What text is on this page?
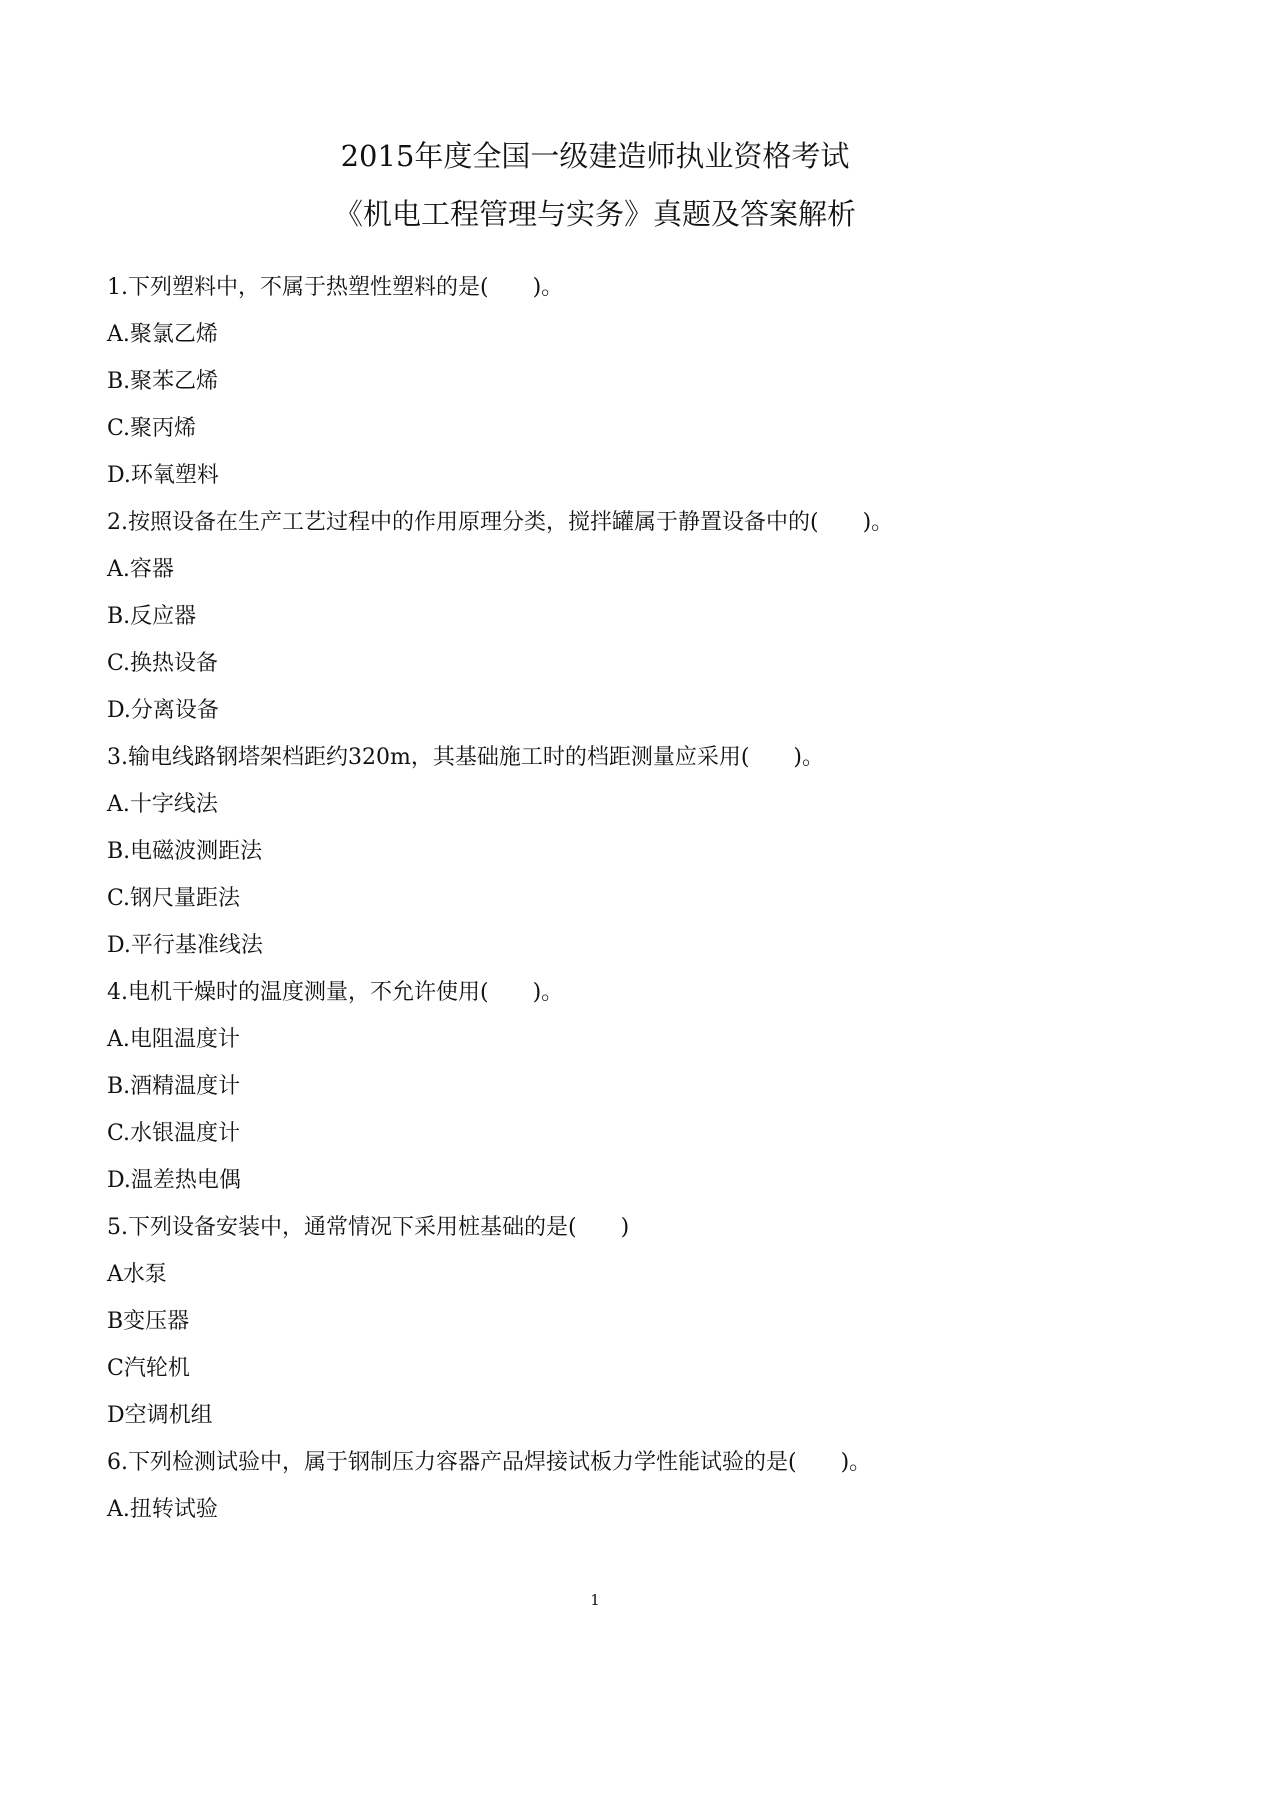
2015年度全国一级建造师执业资格考试
《机电工程管理与实务》真题及答案解析
1.下列塑料中，不属于热塑性塑料的是(　　)。
A.聚氯乙烯
B.聚苯乙烯
C.聚丙烯
D.环氧塑料
2.按照设备在生产工艺过程中的作用原理分类，搅拌罐属于静置设备中的(　　)。
A.容器
B.反应器
C.换热设备
D.分离设备
3.输电线路钢塔架档距约320m，其基础施工时的档距测量应采用(　　)。
A.十字线法
B.电磁波测距法
C.钢尺量距法
D.平行基准线法
4.电机干燥时的温度测量，不允许使用(　　)。
A.电阻温度计
B.酒精温度计
C.水银温度计
D.温差热电偶
5.下列设备安装中，通常情况下采用桩基础的是(　　)
A水泵
B变压器
C汽轮机
D空调机组
6.下列检测试验中，属于钢制压力容器产品焊接试板力学性能试验的是(　　)。
A.扭转试验
1
